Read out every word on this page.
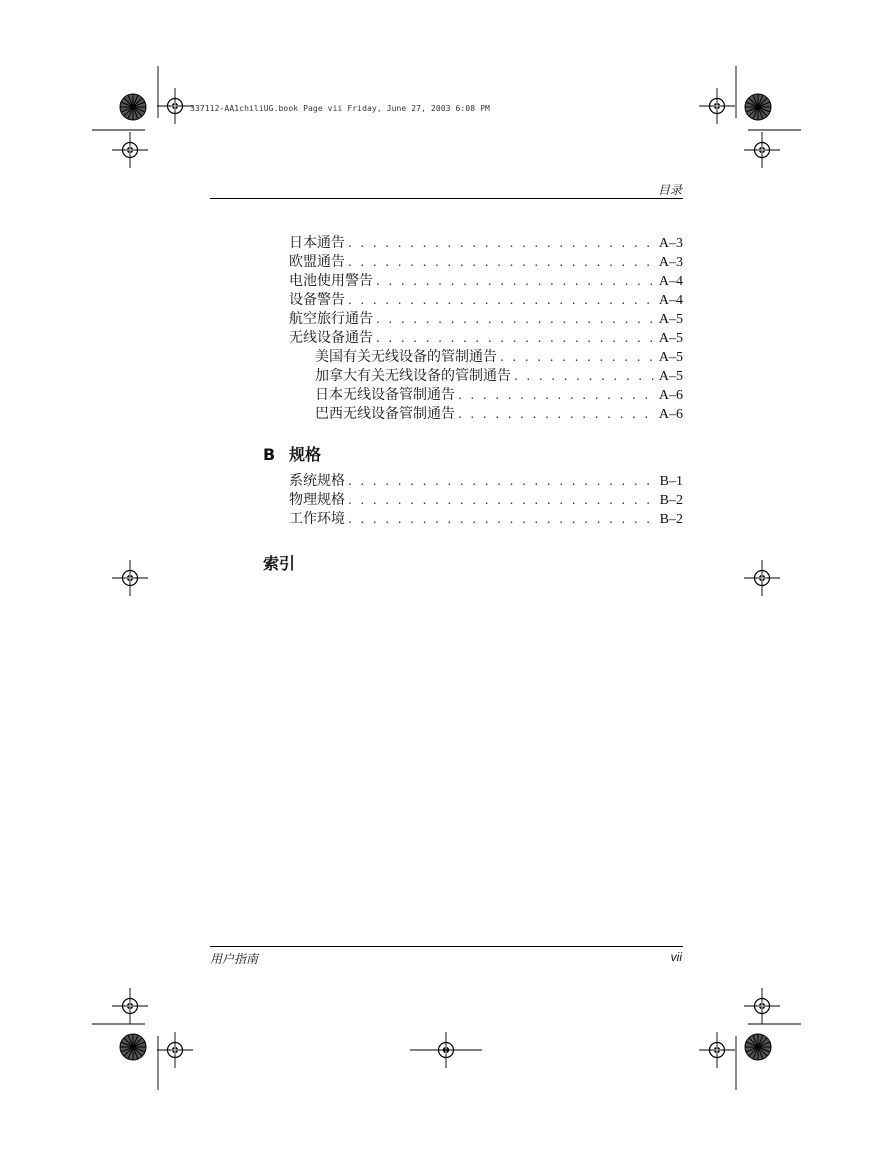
337112-AA1chiliUG.book Page vii Friday, June 27, 2003 6:08 PM
目录
日本通告 . . .	A–3
欧盟通告 . . .	A–3
电池使用警告 . . .	A–4
设备警告 . . .	A–4
航空旅行通告 . . .	A–5
无线设备通告 . . .	A–5
美国有关无线设备的管制通告 . . .	A–5
加拿大有关无线设备的管制通告 . . .	A–5
日本无线设备管制通告 . . .	A–6
巴西无线设备管制通告 . . .	A–6
B 规格
系统规格 . . .	B–1
物理规格 . . .	B–2
工作环境 . . .	B–2
索引
用户指南	vii
